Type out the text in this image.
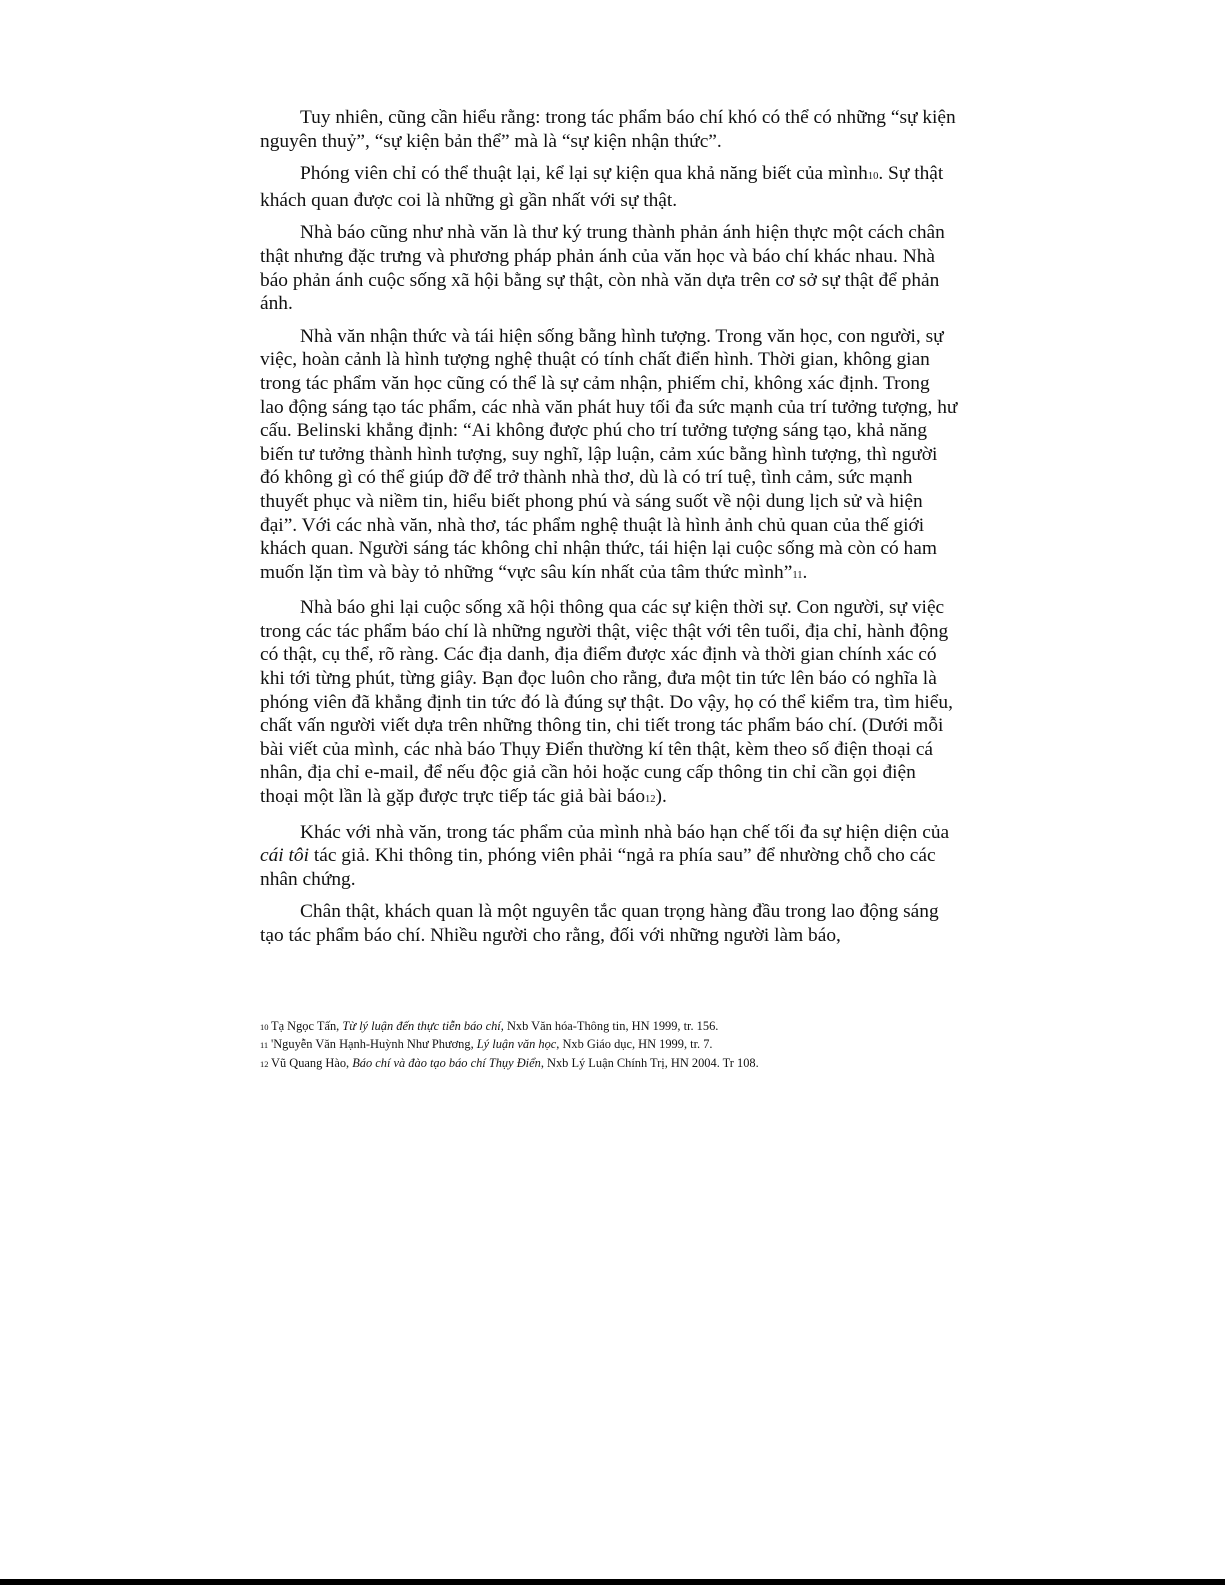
Tuy nhiên, cũng cần hiểu rằng: trong tác phẩm báo chí khó có thể có những “sự kiện nguyên thuỷ”, “sự kiện bản thể” mà là “sự kiện nhận thức”.

Phóng viên chỉ có thể thuật lại, kể lại sự kiện qua khả năng biết của mình10. Sự thật khách quan được coi là những gì gần nhất với sự thật.

Nhà báo cũng như nhà văn là thư ký trung thành phản ánh hiện thực một cách chân thật nhưng đặc trưng và phương pháp phản ánh của văn học và báo chí khác nhau. Nhà báo phản ánh cuộc sống xã hội bằng sự thật, còn nhà văn dựa trên cơ sở sự thật để phản ánh.

Nhà văn nhận thức và tái hiện sống bằng hình tượng. Trong văn học, con người, sự việc, hoàn cảnh là hình tượng nghệ thuật có tính chất điển hình. Thời gian, không gian trong tác phẩm văn học cũng có thể là sự cảm nhận, phiếm chỉ, không xác định. Trong lao động sáng tạo tác phẩm, các nhà văn phát huy tối đa sức mạnh của trí tưởng tượng, hư cấu. Belinski khẳng định: “Ai không được phú cho trí tưởng tượng sáng tạo, khả năng biến tư tưởng thành hình tượng, suy nghĩ, lập luận, cảm xúc bằng hình tượng, thì người đó không gì có thể giúp đỡ để trở thành nhà thơ, dù là có trí tuệ, tình cảm, sức mạnh thuyết phục và niềm tin, hiểu biết phong phú và sáng suốt về nội dung lịch sử và hiện đại”. Với các nhà văn, nhà thơ, tác phẩm nghệ thuật là hình ảnh chủ quan của thế giới khách quan. Người sáng tác không chỉ nhận thức, tái hiện lại cuộc sống mà còn có ham muốn lặn tìm và bày tỏ những “vực sâu kín nhất của tâm thức mình”11.

Nhà báo ghi lại cuộc sống xã hội thông qua các sự kiện thời sự. Con người, sự việc trong các tác phẩm báo chí là những người thật, việc thật với tên tuổi, địa chỉ, hành động có thật, cụ thể, rõ ràng. Các địa danh, địa điểm được xác định và thời gian chính xác có khi tới từng phút, từng giây. Bạn đọc luôn cho rằng, đưa một tin tức lên báo có nghĩa là phóng viên đã khẳng định tin tức đó là đúng sự thật. Do vậy, họ có thể kiểm tra, tìm hiểu, chất vấn người viết dựa trên những thông tin, chi tiết trong tác phẩm báo chí. (Dưới mỗi bài viết của mình, các nhà báo Thụy Điển thường kí tên thật, kèm theo số điện thoại cá nhân, địa chỉ e-mail, để nếu độc giả cần hỏi hoặc cung cấp thông tin chỉ cần gọi điện thoại một lần là gặp được trực tiếp tác giả bài báo12).

Khác với nhà văn, trong tác phẩm của mình nhà báo hạn chế tối đa sự hiện diện của cái tôi tác giả. Khi thông tin, phóng viên phải “ngả ra phía sau” để nhường chỗ cho các nhân chứng.

Chân thật, khách quan là một nguyên tắc quan trọng hàng đầu trong lao động sáng tạo tác phẩm báo chí. Nhiều người cho rằng, đối với những người làm báo,

10 Tạ Ngọc Tấn, Từ lý luận đến thực tiễn báo chí, Nxb Văn hóa-Thông tin, HN 1999, tr. 156.

11 'Nguyễn Văn Hạnh-Huỳnh Như Phương, Lý luận văn học, Nxb Giáo dục, HN 1999, tr. 7.

12 Vũ Quang Hào, Báo chí và đào tạo báo chí Thụy Điển, Nxb Lý Luận Chính Trị, HN 2004. Tr 108.
